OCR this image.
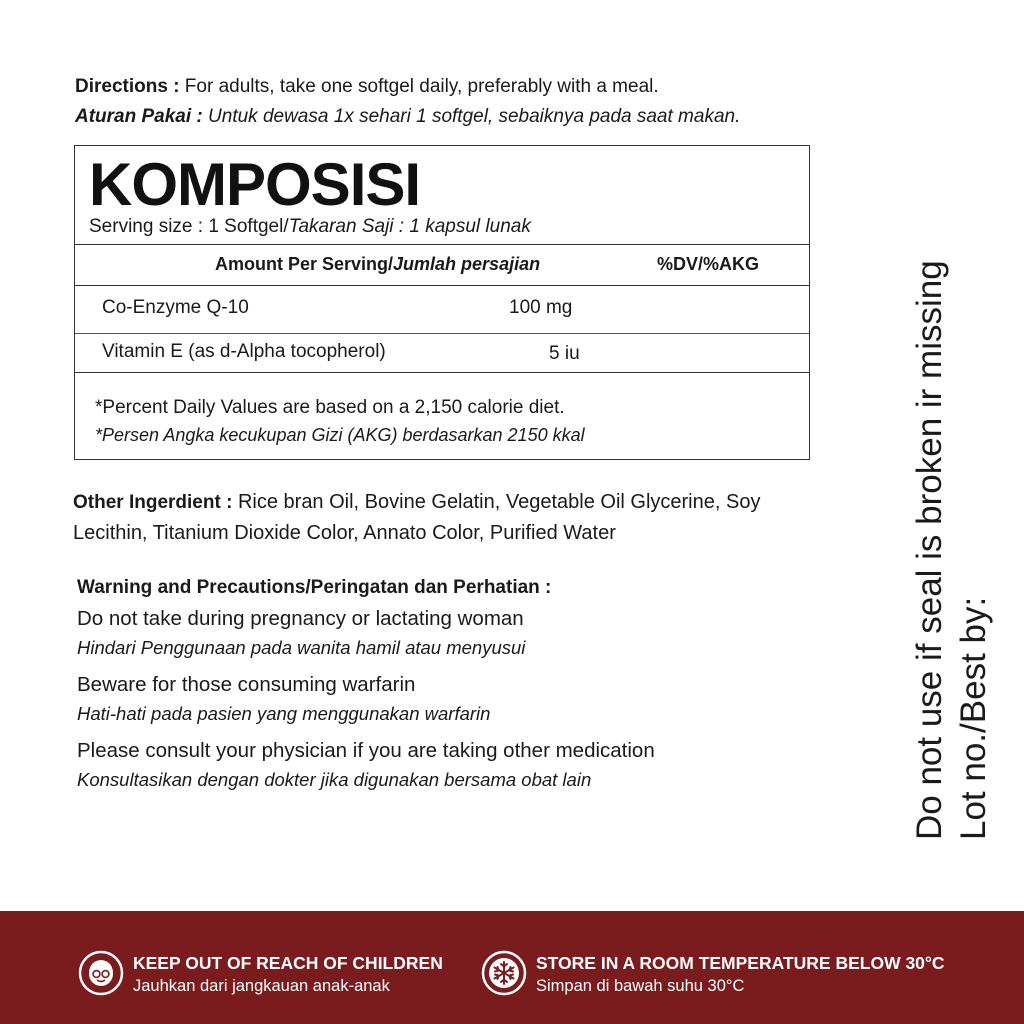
Directions : For adults, take one softgel daily, preferably with a meal.
Aturan Pakai : Untuk dewasa 1x sehari 1 softgel, sebaiknya pada saat makan.
KOMPOSISI
Serving size : 1 Softgel/Takaran Saji : 1 kapsul lunak
Amount Per Serving/Jumlah persajian	%DV/%AKG
Co-Enzyme Q-10	100 mg
Vitamin E (as d-Alpha tocopherol)	5 iu
*Percent Daily Values are based on a 2,150 calorie diet.
*Persen Angka kecukupan Gizi (AKG) berdasarkan 2150 kkal
Other Ingerdient : Rice bran Oil, Bovine Gelatin, Vegetable Oil Glycerine, Soy Lecithin, Titanium Dioxide Color, Annato Color, Purified Water
Warning and Precautions/Peringatan dan Perhatian :
Do not take during pregnancy or lactating woman
Hindari Penggunaan pada wanita hamil atau menyusui
Beware for those consuming warfarin
Hati-hati pada pasien yang menggunakan warfarin
Please consult your physician if you are taking other medication
Konsultasikan dengan dokter jika digunakan bersama obat lain	Do not use if seal is broken ir missing Lot no./Best by:
KEEP OUT OF REACH OF CHILDREN
Jauhkan dari jangkauan anak-anak
STORE IN A ROOM TEMPERATURE BELOW 30°C
Simpan di bawah suhu 30°C
